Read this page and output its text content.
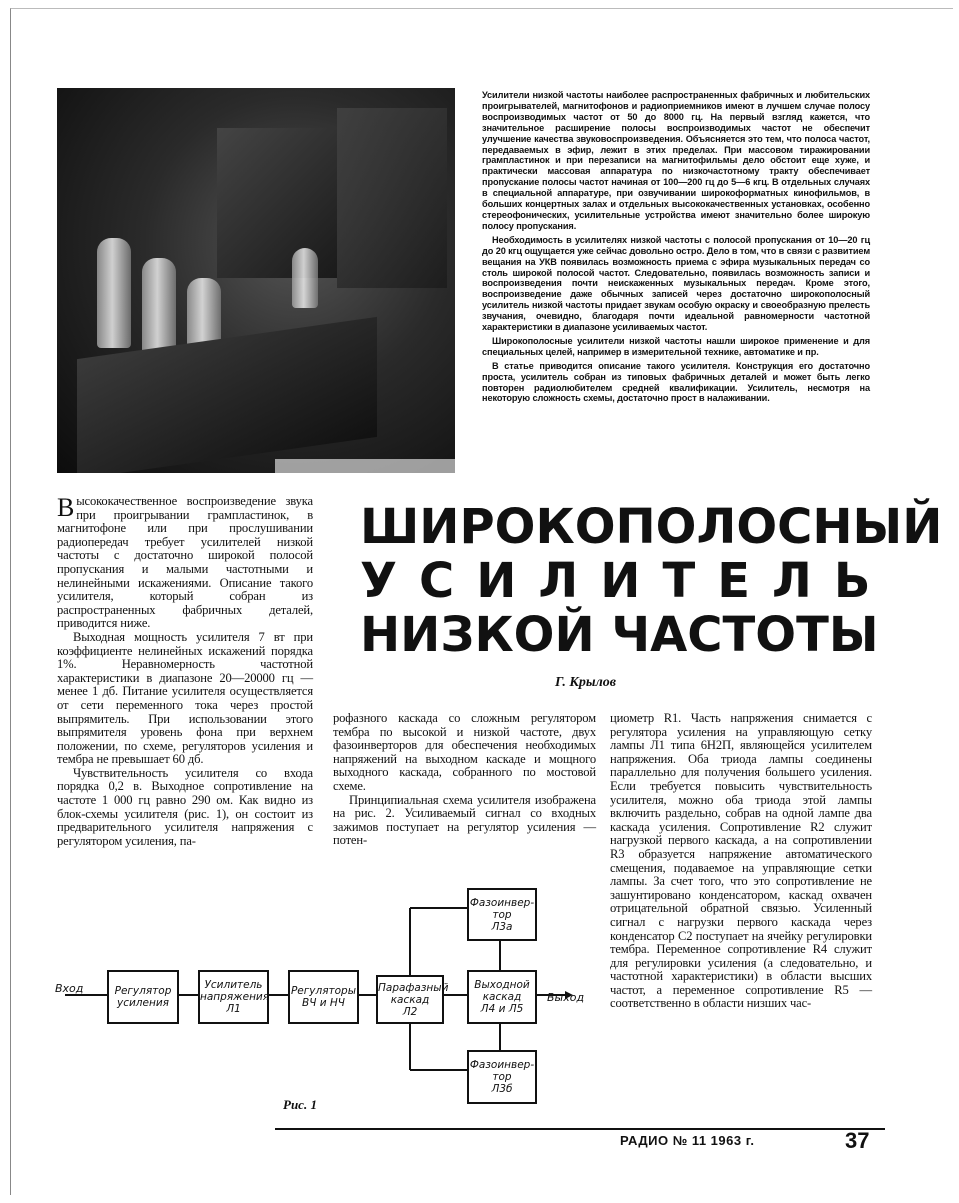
Усилители низкой частоты наиболее распространенных фабричных и любительских проигрывателей, магнитофонов и радиоприемников имеют в лучшем случае полосу воспроизводимых частот от 50 до 8000 гц. На первый взгляд кажется, что значительное расширение полосы воспроизводимых частот не обеспечит улучшение качества звуковоспроизведения. Объясняется это тем, что полоса частот, передаваемых в эфир, лежит в этих пределах. При массовом тиражировании грампластинок и при перезаписи на магнитофильмы дело обстоит еще хуже, и практически массовая аппаратура по низкочастотному тракту обеспечивает пропускание полосы частот начиная от 100—200 гц до 5—6 кгц. В отдельных случаях в специальной аппаратуре, при озвучивании широкоформатных кинофильмов, в больших концертных залах и отдельных высококачественных установках, особенно стереофонических, усилительные устройства имеют значительно более широкую полосу пропускания.

Необходимость в усилителях низкой частоты с полосой пропускания от 10—20 гц до 20 кгц ощущается уже сейчас довольно остро. Дело в том, что в связи с развитием вещания на УКВ появилась возможность приема с эфира музыкальных передач со столь широкой полосой частот. Следовательно, появилась возможность записи и воспроизведения почти неискаженных музыкальных передач. Кроме этого, воспроизведение даже обычных записей через достаточно широкополосный усилитель низкой частоты придает звукам особую окраску и своеобразную прелесть звучания, очевидно, благодаря почти идеальной равномерности частотной характеристики в диапазоне усиливаемых частот.

Широкополосные усилители низкой частоты нашли широкое применение и для специальных целей, например в измерительной технике, автоматике и пр.

В статье приводится описание такого усилителя. Конструкция его достаточно проста, усилитель собран из типовых фабричных деталей и может быть легко повторен радиолюбителем средней квалификации. Усилитель, несмотря на некоторую сложность схемы, достаточно прост в налаживании.

ШИРОКОПОЛОСНЫЙ
УСИЛИТЕЛЬ
НИЗКОЙ ЧАСТОТЫ
Г. Крылов

Высококачественное воспроизведение звука при проигрывании грампластинок, в магнитофоне или при прослушивании радиопередач требует усилителей низкой частоты с достаточно широкой полосой пропускания и малыми частотными и нелинейными искажениями. Описание такого усилителя, который собран из распространенных фабричных деталей, приводится ниже.

Выходная мощность усилителя 7 вт при коэффициенте нелинейных искажений порядка 1%. Неравномерность частотной характеристики в диапазоне 20—20000 гц — менее 1 дб. Питание усилителя осуществляется от сети переменного тока через простой выпрямитель. При использовании этого выпрямителя уровень фона при верхнем положении, по схеме, регуляторов усиления и тембра не превышает 60 дб.

Чувствительность усилителя со входа порядка 0,2 в. Выходное сопротивление на частоте 1 000 гц равно 290 ом. Как видно из блок-схемы усилителя (рис. 1), он состоит из предварительного усилителя напряжения с регулятором усиления, па-

рофазного каскада со сложным регулятором тембра по высокой и низкой частоте, двух фазоинверторов для обеспечения необходимых напряжений на выходном каскаде и мощного выходного каскада, собранного по мостовой схеме.

Принципиальная схема усилителя изображена на рис. 2. Усиливаемый сигнал со входных зажимов поступает на регулятор усиления — потен-

циометр R1. Часть напряжения снимается с регулятора усиления на управляющую сетку лампы Л1 типа 6Н2П, являющейся усилителем напряжения. Оба триода лампы соединены параллельно для получения большего усиления. Если требуется повысить чувствительность усилителя, можно оба триода этой лампы включить раздельно, собрав на одной лампе два каскада усиления. Сопротивление R2 служит нагрузкой первого каскада, а на сопротивлении R3 образуется напряжение автоматического смещения, подаваемое на управляющие сетки лампы. За счет того, что это сопротивление не зашунтировано конденсатором, каскад охвачен отрицательной обратной связью. Усиленный сигнал с нагрузки первого каскада через конденсатор С2 поступает на ячейку регулировки тембра. Переменное сопротивление R4 служит для регулировки усиления (а следовательно, и частотной характеристики) в области высших частот, а переменное сопротивление R5 — соответственно в области низших час-

Вход
Выход
Регулятор
усиления
Усилитель
напряжения
Л1
Регуляторы
ВЧ и НЧ
Парафазный
каскад
Л2
Выходной
каскад
Л4 и Л5
Фазоинвер-
тор
Л3а
Фазоинвер-
тор
Л3б
Рис. 1
РАДИО № 11 1963 г.	37
